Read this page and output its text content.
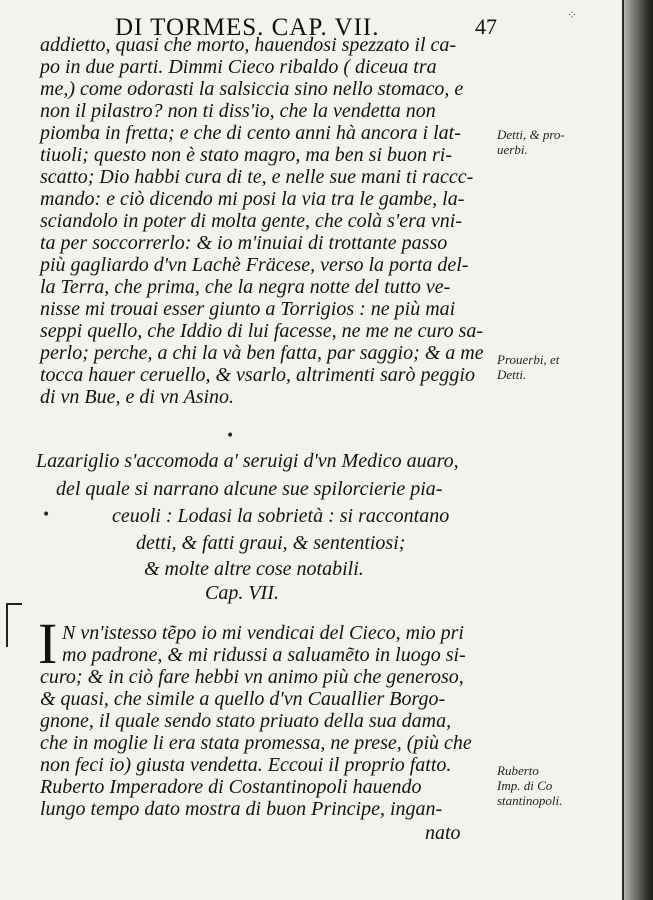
DI TORMES. CAP. VII.	47	⁘
addietto, quasi che morto, hauendosi spezzato il ca-
po in due parti. Dimmi Cieco ribaldo ( diceua tra
me,) come odorasti la salsiccia sino nello stomaco, e
non il pilastro? non ti diss'io, che la vendetta non
piomba in fretta; e che di cento anni hà ancora i lat-
tiuoli; questo non è stato magro, ma ben si buon ri-
scatto; Dio habbi cura di te, e nelle sue mani ti raccc-
mando: e ciò dicendo mi posi la via tra le gambe, la-
sciandolo in poter di molta gente, che colà s'era vni-
ta per soccorrerlo: & io m'inuiai di trottante passo
più gagliardo d'vn Lachè Fräcese, verso la porta del-
la Terra, che prima, che la negra notte del tutto ve-
nisse mi trouai esser giunto a Torrigios : ne più mai
seppi quello, che Iddio di lui facesse, ne me ne curo sa-
perlo; perche, a chi la và ben fatta, par saggio; & a me
tocca hauer ceruello, & vsarlo, altrimenti sarò peggio
di vn Bue, e di vn Asino.
•
Lazariglio s'accomoda a' seruigi d'vn Medico auaro,
del quale si narrano alcune sue spilorcierie pia-
ceuoli : Lodasi la sobrietà : si raccontano
detti, & fatti graui, & sententiosi;
& molte altre cose notabili.
•
Cap. VII.
I N vn'istesso tẽpo io mi vendicai del Cieco, mio pri
mo padrone, & mi ridussi a saluamẽto in luogo si-
curo; & in ciò fare hebbi vn animo più che generoso,
& quasi, che simile a quello d'vn Cauallier Borgo-
gnone, il quale sendo stato priuato della sua dama,
che in moglie li era stata promessa, ne prese, (più che
non feci io) giusta vendetta. Eccoui il proprio fatto.
Ruberto Imperadore di Costantinopoli hauendo
lungo tempo dato mostra di buon Principe, ingan-
nato
Detti, & pro-
uerbi.
Prouerbi, et
Detti.
Ruberto
Imp. di Co
stantinopoli.
